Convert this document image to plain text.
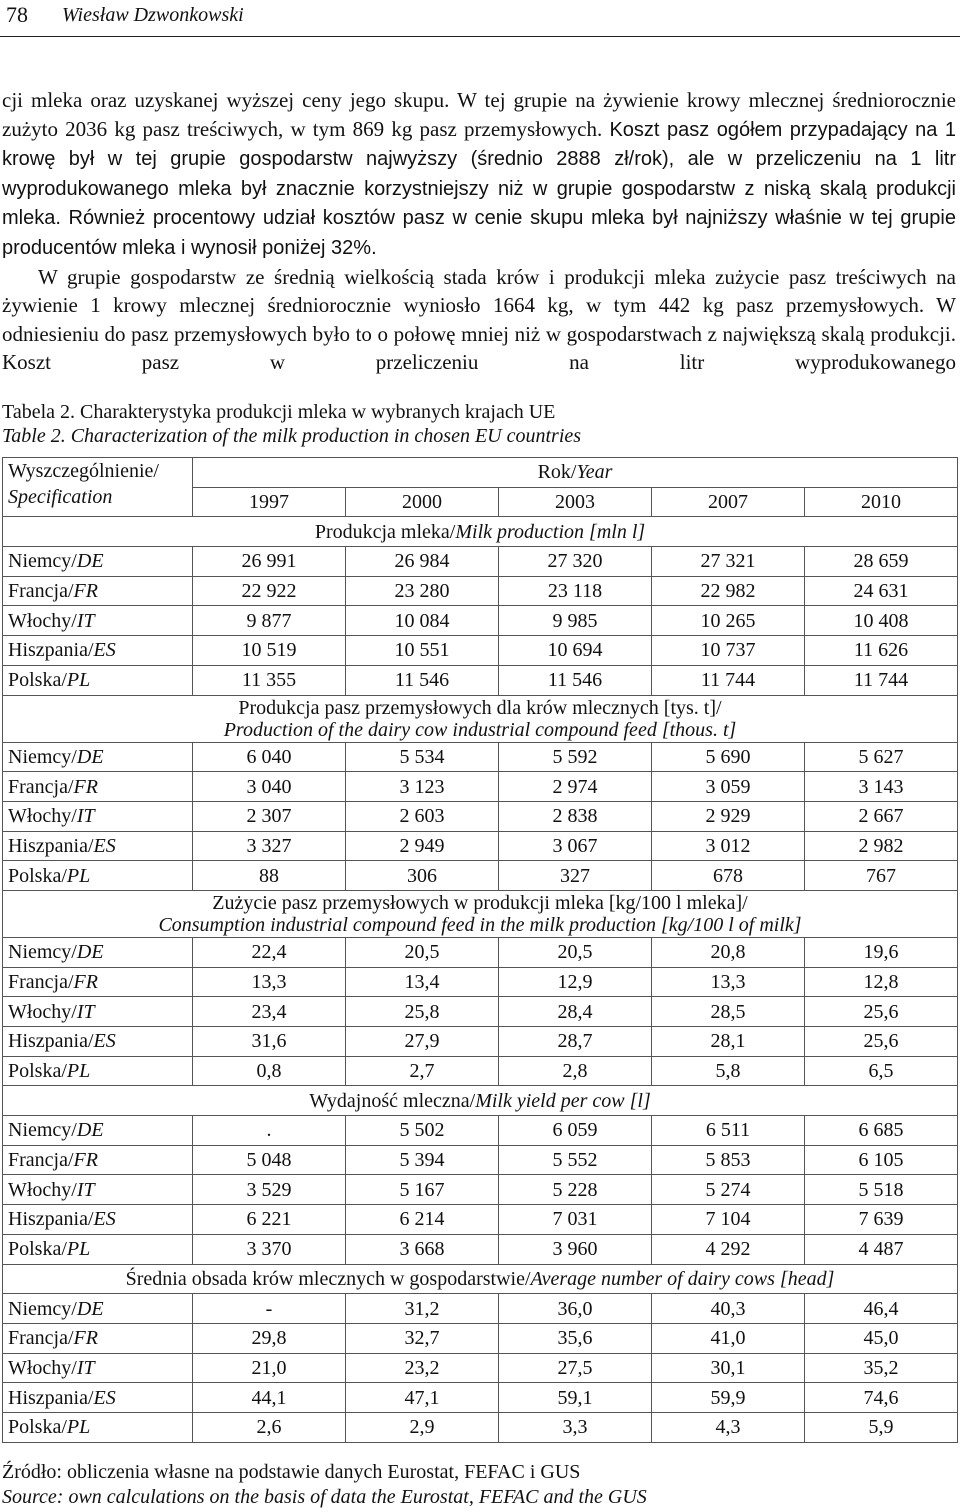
78 Wiesław Dzwonkowski

cji mleka oraz uzyskanej wyższej ceny jego skupu. W tej grupie na żywienie krowy mlecznej średniorocznie zużyto 2036 kg pasz treściwych, w tym 869 kg pasz przemysłowych. Koszt pasz ogółem przypadający na 1 krowę był w tej grupie gospodarstw najwyższy (średnio 2888 zł/rok), ale w przeliczeniu na 1 litr wyprodukowanego mleka był znacznie korzystniejszy niż w grupie gospodarstw z niską skalą produkcji mleka. Również procentowy udział kosztów pasz w cenie skupu mleka był najniższy właśnie w tej grupie producentów mleka i wynosił poniżej 32%.

W grupie gospodarstw ze średnią wielkością stada krów i produkcji mleka zużycie pasz treściwych na żywienie 1 krowy mlecznej średniorocznie wyniosło 1664 kg, w tym 442 kg pasz przemysłowych. W odniesieniu do pasz przemysłowych było to o połowę mniej niż w gospodarstwach z największą skalą produkcji. Koszt pasz w przeliczeniu na litr wyprodukowanego

Tabela 2. Charakterystyka produkcji mleka w wybranych krajach UE
Table 2. Characterization of the milk production in chosen EU countries
Wyszczególnienie/
Specification	Rok/Year				
	1997	2000	2003	2007	2010
Produkcja mleka/Milk production [mln l]					
Niemcy/DE	26 991	26 984	27 320	27 321	28 659
Francja/FR	22 922	23 280	23 118	22 982	24 631
Włochy/IT	9 877	10 084	9 985	10 265	10 408
Hiszpania/ES	10 519	10 551	10 694	10 737	11 626
Polska/PL	11 355	11 546	11 546	11 744	11 744
Produkcja pasz przemysłowych dla krów mlecznych [tys. t]/
Production of the dairy cow industrial compound feed [thous. t]					
Niemcy/DE	6 040	5 534	5 592	5 690	5 627
Francja/FR	3 040	3 123	2 974	3 059	3 143
Włochy/IT	2 307	2 603	2 838	2 929	2 667
Hiszpania/ES	3 327	2 949	3 067	3 012	2 982
Polska/PL	88	306	327	678	767
Zużycie pasz przemysłowych w produkcji mleka [kg/100 l mleka]/
Consumption industrial compound feed in the milk production [kg/100 l of milk]					
Niemcy/DE	22,4	20,5	20,5	20,8	19,6
Francja/FR	13,3	13,4	12,9	13,3	12,8
Włochy/IT	23,4	25,8	28,4	28,5	25,6
Hiszpania/ES	31,6	27,9	28,7	28,1	25,6
Polska/PL	0,8	2,7	2,8	5,8	6,5
Wydajność mleczna/Milk yield per cow [l]					
Niemcy/DE	.	5 502	6 059	6 511	6 685
Francja/FR	5 048	5 394	5 552	5 853	6 105
Włochy/IT	3 529	5 167	5 228	5 274	5 518
Hiszpania/ES	6 221	6 214	7 031	7 104	7 639
Polska/PL	3 370	3 668	3 960	4 292	4 487
Średnia obsada krów mlecznych w gospodarstwie/Average number of dairy cows [head]					
Niemcy/DE	-	31,2	36,0	40,3	46,4
Francja/FR	29,8	32,7	35,6	41,0	45,0
Włochy/IT	21,0	23,2	27,5	30,1	35,2
Hiszpania/ES	44,1	47,1	59,1	59,9	74,6
Polska/PL	2,6	2,9	3,3	4,3	5,9
Źródło: obliczenia własne na podstawie danych Eurostat, FEFAC i GUS
Source: own calculations on the basis of data the Eurostat, FEFAC and the GUS
